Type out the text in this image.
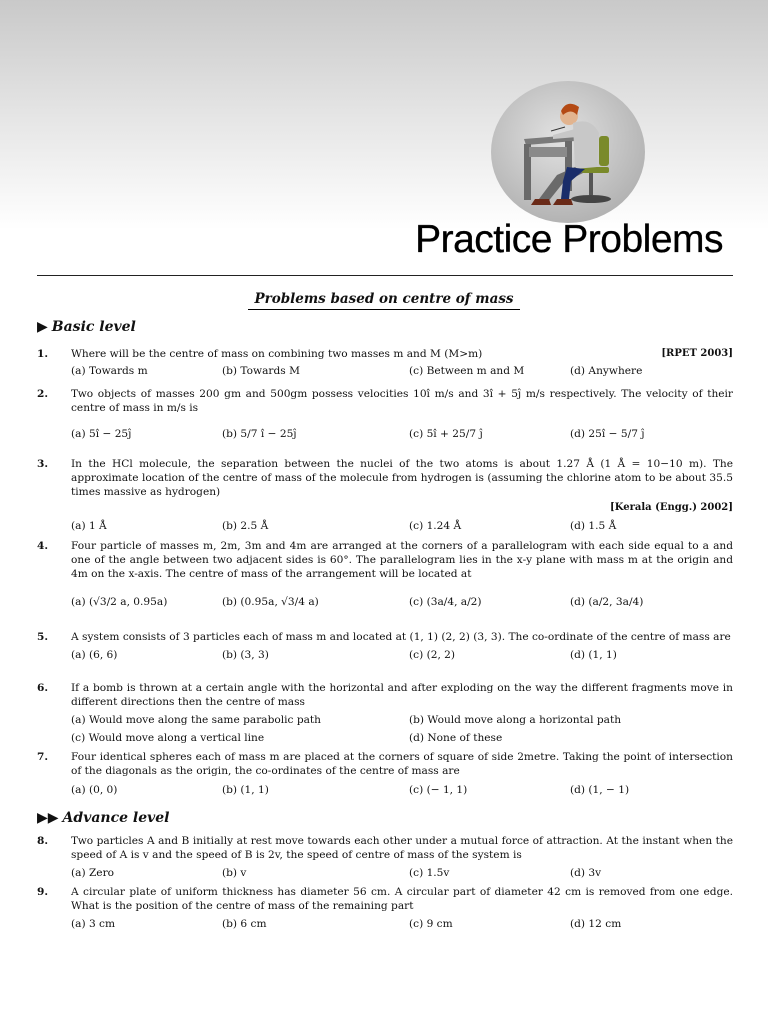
Practice Problems
Problems based on centre of mass
▶ Basic level
1.	[RPET 2003]
Where will be the centre of mass on combining two masses m and M (M>m)
(a) Towards m	(b) Towards M	(c) Between m and M	(d) Anywhere
2. Two objects of masses 200 gm and 500gm possess velocities 10î m/s and 3î + 5ĵ m/s respectively. The velocity of their centre of mass in m/s is
(a) 5î − 25ĵ	(b) 5/7 î − 25ĵ	(c) 5î + 25/7 ĵ	(d) 25î − 5/7 ĵ
3. In the HCl molecule, the separation between the nuclei of the two atoms is about 1.27 Å (1 Å = 10−10 m). The approximate location of the centre of mass of the molecule from hydrogen is (assuming the chlorine atom to be about 35.5 times massive as hydrogen)
[Kerala (Engg.) 2002]
(a) 1 Å	(b) 2.5 Å	(c) 1.24 Å	(d) 1.5 Å
4. Four particle of masses m, 2m, 3m and 4m are arranged at the corners of a parallelogram with each side equal to a and one of the angle between two adjacent sides is 60°. The parallelogram lies in the x-y plane with mass m at the origin and 4m on the x-axis. The centre of mass of the arrangement will be located at
(a) (√3/2 a, 0.95a)	(b) (0.95a, √3/4 a)	(c) (3a/4, a/2)	(d) (a/2, 3a/4)
5. A system consists of 3 particles each of mass m and located at (1, 1) (2, 2) (3, 3). The co-ordinate of the centre of mass are
(a) (6, 6)	(b) (3, 3)	(c) (2, 2)	(d) (1, 1)
6. If a bomb is thrown at a certain angle with the horizontal and after exploding on the way the different fragments move in different directions then the centre of mass
(a) Would move along the same parabolic path	(b) Would move along a horizontal path
(c) Would move along a vertical line	(d) None of these
7. Four identical spheres each of mass m are placed at the corners of square of side 2metre. Taking the point of intersection of the diagonals as the origin, the co-ordinates of the centre of mass are
(a) (0, 0)	(b) (1, 1)	(c) (− 1, 1)	(d) (1, − 1)
▶▶ Advance level
8. Two particles A and B initially at rest move towards each other under a mutual force of attraction. At the instant when the speed of A is v and the speed of B is 2v, the speed of centre of mass of the system is
(a) Zero	(b) v	(c) 1.5v	(d) 3v
9. A circular plate of uniform thickness has diameter 56 cm. A circular part of diameter 42 cm is removed from one edge. What is the position of the centre of mass of the remaining part
(a) 3 cm	(b) 6 cm	(c) 9 cm	(d) 12 cm
